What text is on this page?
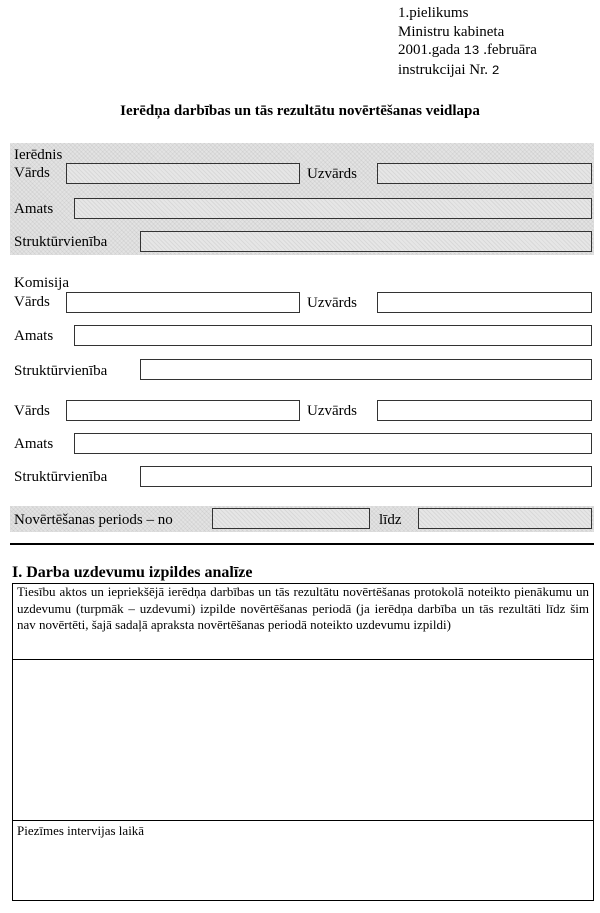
1.pielikums
Ministru kabineta
2001.gada 13 .februāra
instrukcijai Nr. 2
Ierēdņa darbības un tās rezultātu novērtēšanas veidlapa
Ierēdnis
Vārds	Uzvārds
Amats
Struktūrvienība
Komisija
Vārds	Uzvārds
Amats
Struktūrvienība
Vārds	Uzvārds
Amats
Struktūrvienība
Novērtēšanas periods – no	līdz
I. Darba uzdevumu izpildes analīze
Tiesību aktos un iepriekšējā ierēdņa darbības un tās rezultātu novērtēšanas protokolā noteikto pienākumu un uzdevumu (turpmāk – uzdevumi) izpilde novērtēšanas periodā (ja ierēdņa darbība un tās rezultāti līdz šim nav novērtēti, šajā sadaļā apraksta novērtēšanas periodā noteikto uzdevumu izpildi)
Piezīmes intervijas laikā
